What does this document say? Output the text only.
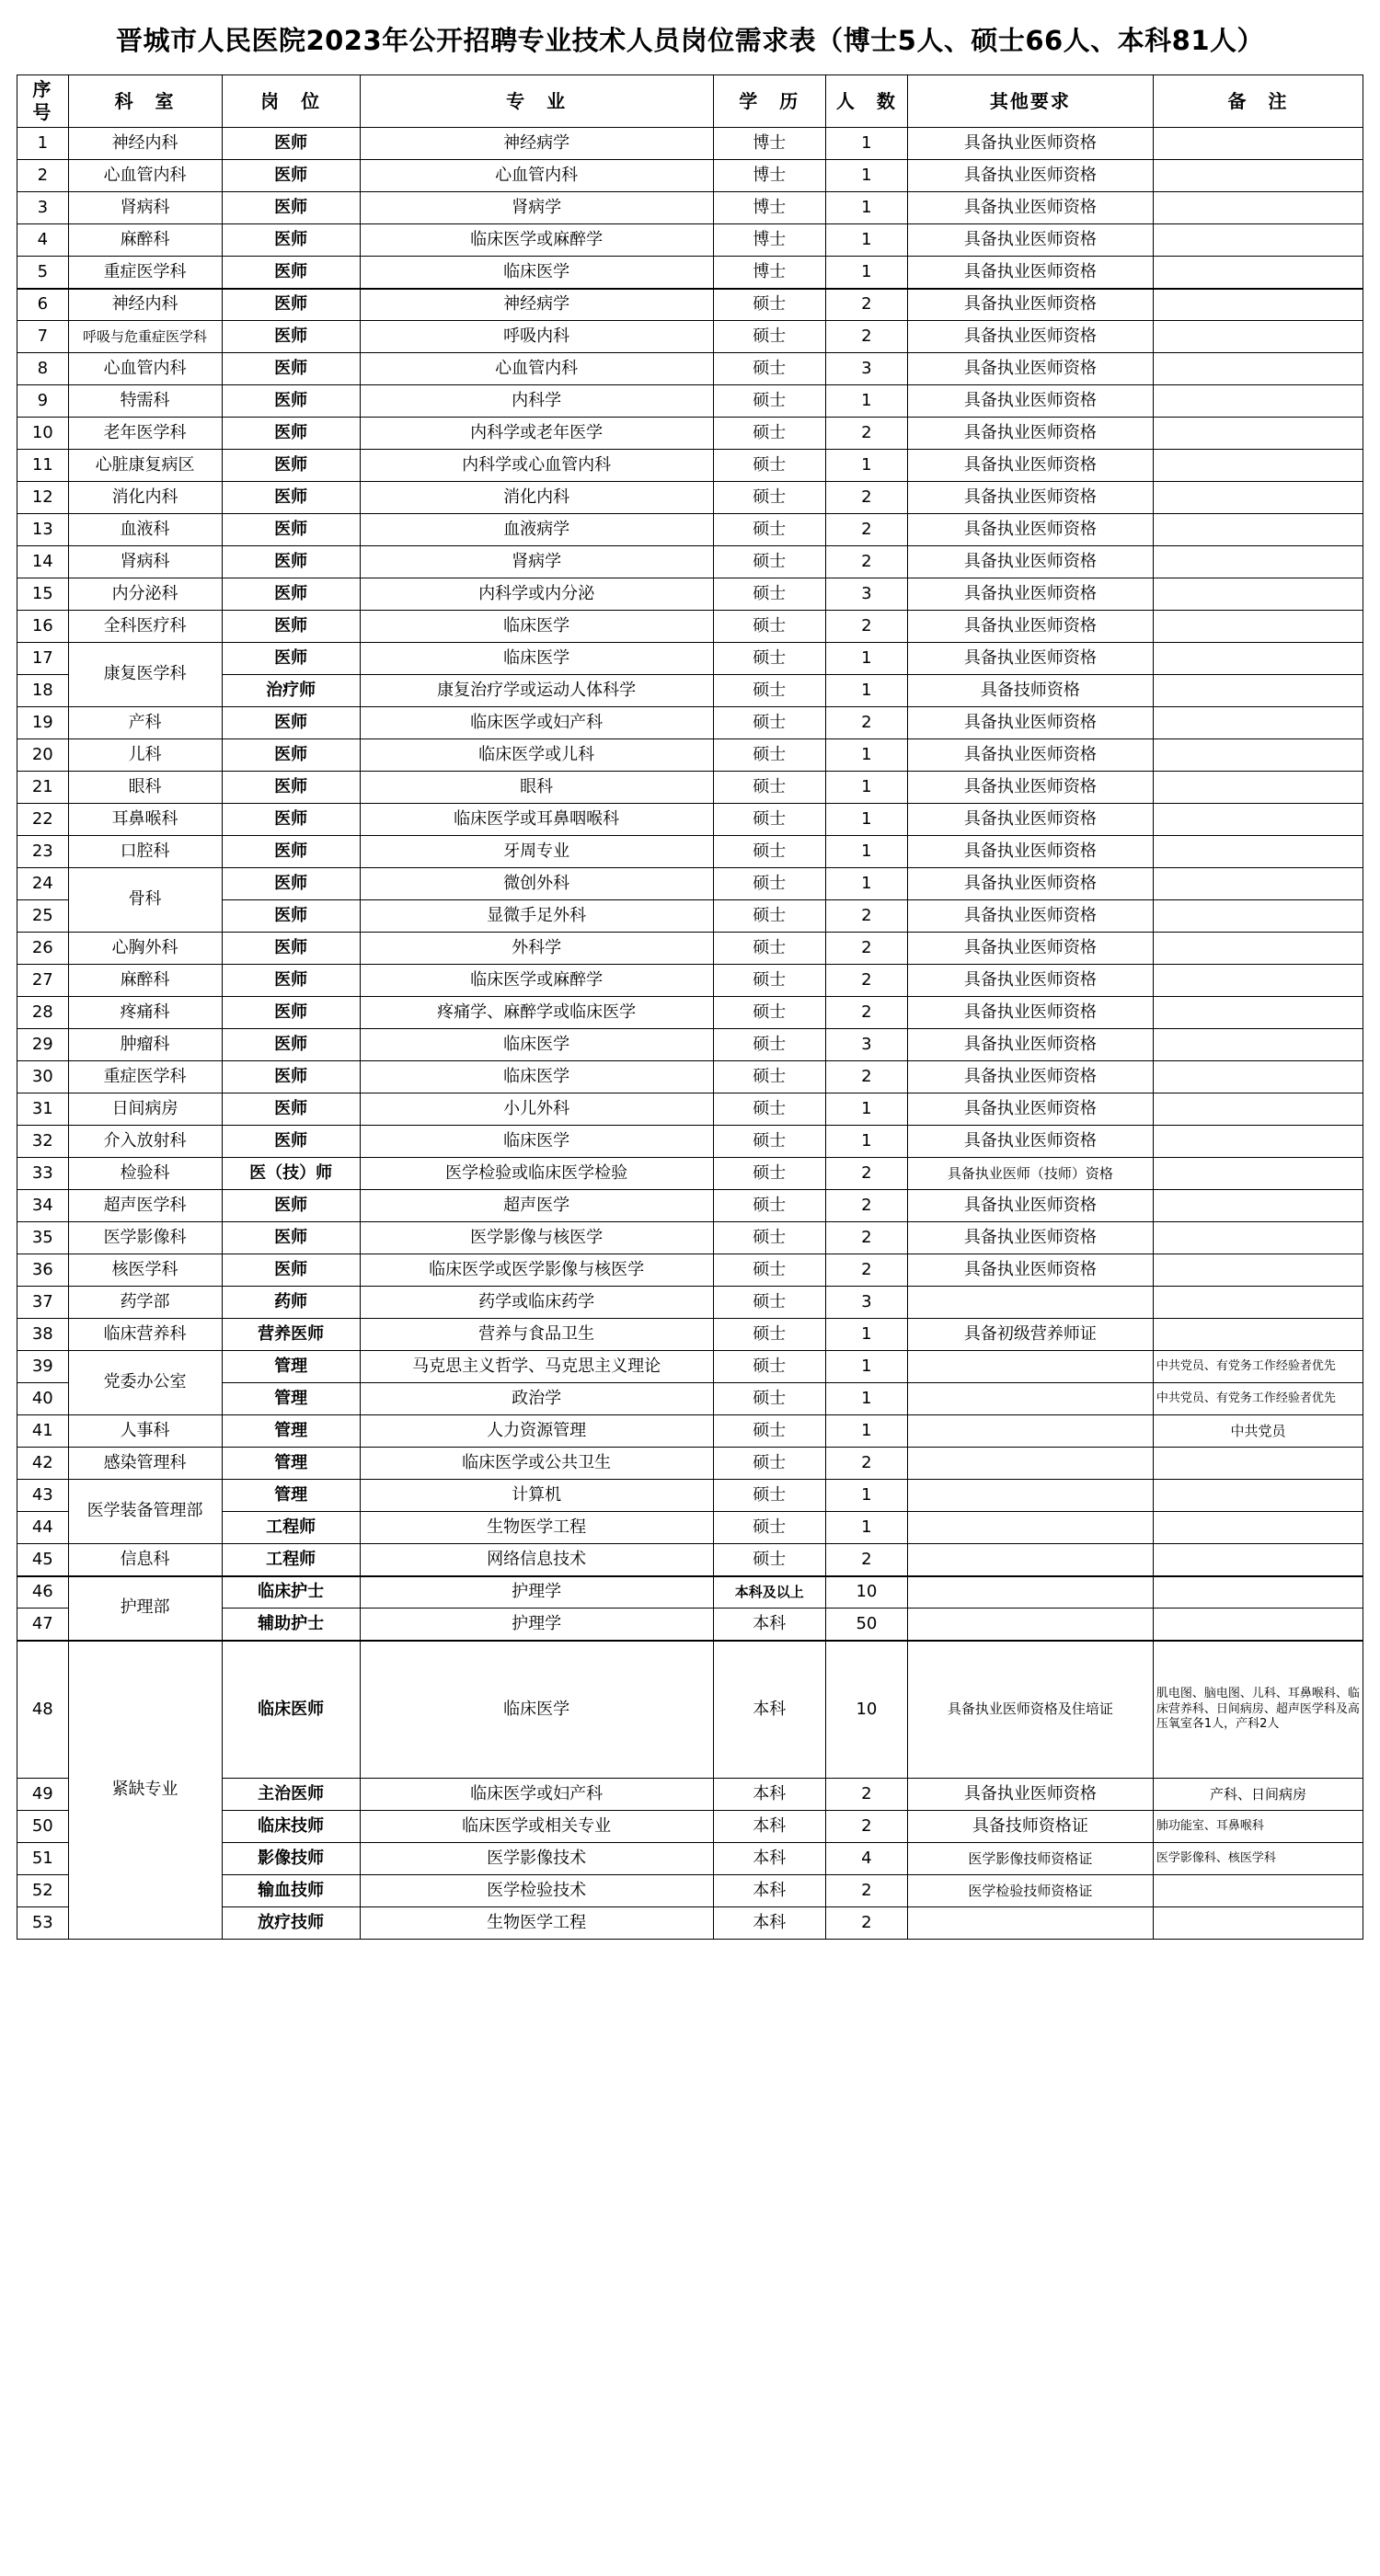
晋城市人民医院2023年公开招聘专业技术人员岗位需求表（博士5人、硕士66人、本科81人）
序　号	科　室	岗　位	专　业	学　历	人　数	其他要求	备　注
1	神经内科	医师	神经病学	博士	1	具备执业医师资格	
2	心血管内科	医师	心血管内科	博士	1	具备执业医师资格	
3	肾病科	医师	肾病学	博士	1	具备执业医师资格	
4	麻醉科	医师	临床医学或麻醉学	博士	1	具备执业医师资格	
5	重症医学科	医师	临床医学	博士	1	具备执业医师资格	
6	神经内科	医师	神经病学	硕士	2	具备执业医师资格	
7	呼吸与危重症医学科	医师	呼吸内科	硕士	2	具备执业医师资格	
8	心血管内科	医师	心血管内科	硕士	3	具备执业医师资格	
9	特需科	医师	内科学	硕士	1	具备执业医师资格	
10	老年医学科	医师	内科学或老年医学	硕士	2	具备执业医师资格	
11	心脏康复病区	医师	内科学或心血管内科	硕士	1	具备执业医师资格	
12	消化内科	医师	消化内科	硕士	2	具备执业医师资格	
13	血液科	医师	血液病学	硕士	2	具备执业医师资格	
14	肾病科	医师	肾病学	硕士	2	具备执业医师资格	
15	内分泌科	医师	内科学或内分泌	硕士	3	具备执业医师资格	
16	全科医疗科	医师	临床医学	硕士	2	具备执业医师资格	
17	康复医学科	医师	临床医学	硕士	1	具备执业医师资格	
18		治疗师	康复治疗学或运动人体科学	硕士	1	具备技师资格	
19	产科	医师	临床医学或妇产科	硕士	2	具备执业医师资格	
20	儿科	医师	临床医学或儿科	硕士	1	具备执业医师资格	
21	眼科	医师	眼科	硕士	1	具备执业医师资格	
22	耳鼻喉科	医师	临床医学或耳鼻咽喉科	硕士	1	具备执业医师资格	
23	口腔科	医师	牙周专业	硕士	1	具备执业医师资格	
24	骨科	医师	微创外科	硕士	1	具备执业医师资格	
25		医师	显微手足外科	硕士	2	具备执业医师资格	
26	心胸外科	医师	外科学	硕士	2	具备执业医师资格	
27	麻醉科	医师	临床医学或麻醉学	硕士	2	具备执业医师资格	
28	疼痛科	医师	疼痛学、麻醉学或临床医学	硕士	2	具备执业医师资格	
29	肿瘤科	医师	临床医学	硕士	3	具备执业医师资格	
30	重症医学科	医师	临床医学	硕士	2	具备执业医师资格	
31	日间病房	医师	小儿外科	硕士	1	具备执业医师资格	
32	介入放射科	医师	临床医学	硕士	1	具备执业医师资格	
33	检验科	医（技）师	医学检验或临床医学检验	硕士	2	具备执业医师（技师）资格	
34	超声医学科	医师	超声医学	硕士	2	具备执业医师资格	
35	医学影像科	医师	医学影像与核医学	硕士	2	具备执业医师资格	
36	核医学科	医师	临床医学或医学影像与核医学	硕士	2	具备执业医师资格	
37	药学部	药师	药学或临床药学	硕士	3		
38	临床营养科	营养医师	营养与食品卫生	硕士	1	具备初级营养师证	
39	党委办公室	管理	马克思主义哲学、马克思主义理论	硕士	1		中共党员、有党务工作经验者优先
40		管理	政治学	硕士	1		中共党员、有党务工作经验者优先
41	人事科	管理	人力资源管理	硕士	1		中共党员
42	感染管理科	管理	临床医学或公共卫生	硕士	2		
43	医学装备管理部	管理	计算机	硕士	1		
44		工程师	生物医学工程	硕士	1		
45	信息科	工程师	网络信息技术	硕士	2		
46	护理部	临床护士	护理学	本科及以上	10		
47		辅助护士	护理学	本科	50		
48	紧缺专业	临床医师	临床医学	本科	10	具备执业医师资格及住培证	肌电图、脑电图、儿科、耳鼻喉科、临床营养科、日间病房、超声医学科及高压氧室各1人，产科2人
49		主治医师	临床医学或妇产科	本科	2	具备执业医师资格	产科、日间病房
50		临床技师	临床医学或相关专业	本科	2	具备技师资格证	肺功能室、耳鼻喉科
51		影像技师	医学影像技术	本科	4	医学影像技师资格证	医学影像科、核医学科
52		输血技师	医学检验技术	本科	2	医学检验技师资格证	
53		放疗技师	生物医学工程	本科	2		
